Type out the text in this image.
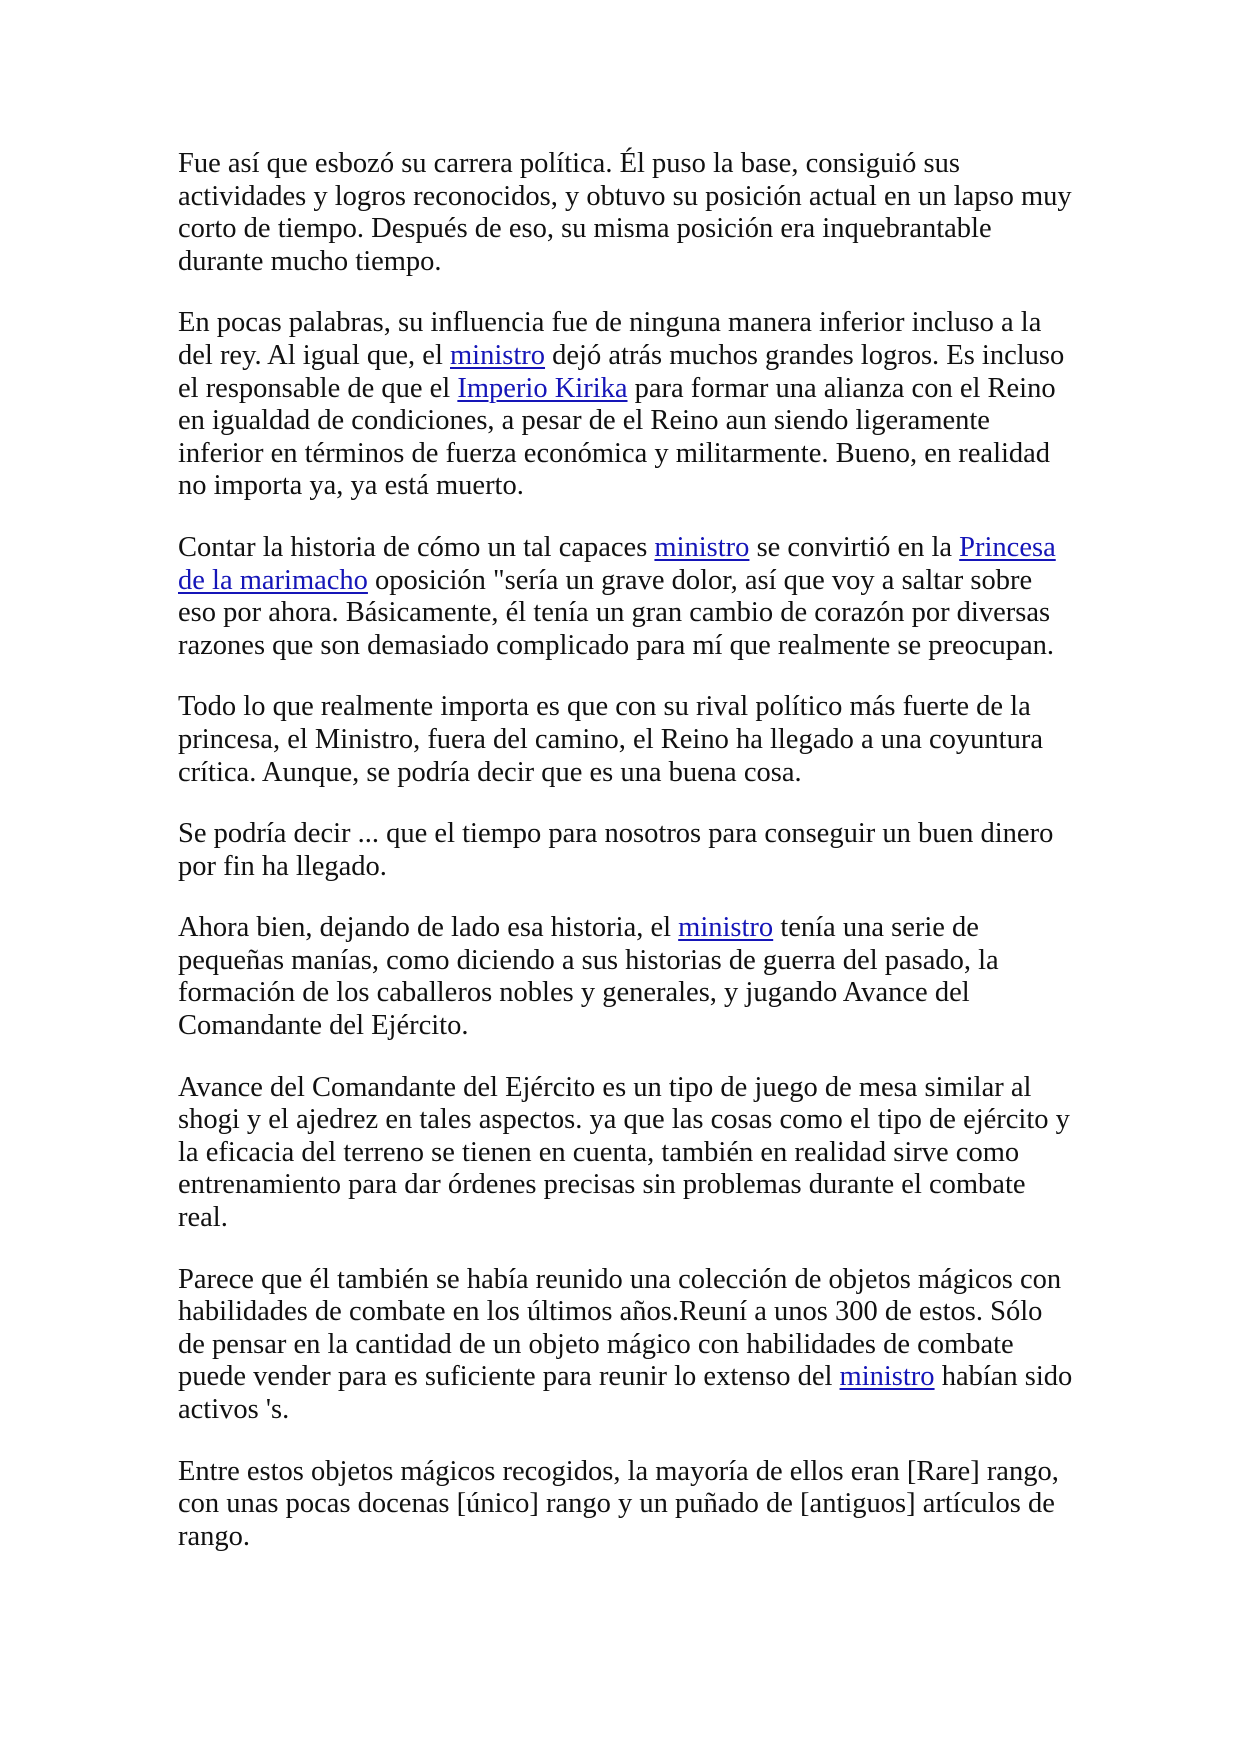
Fue así que esbozó su carrera política. Él puso la base, consiguió sus
actividades y logros reconocidos, y obtuvo su posición actual en un lapso muy
corto de tiempo. Después de eso, su misma posición era inquebrantable
durante mucho tiempo.

En pocas palabras, su influencia fue de ninguna manera inferior incluso a la
del rey. Al igual que, el ministro dejó atrás muchos grandes logros. Es incluso
el responsable de que el Imperio Kirika para formar una alianza con el Reino
en igualdad de condiciones, a pesar de el Reino aun siendo ligeramente
inferior en términos de fuerza económica y militarmente. Bueno, en realidad
no importa ya, ya está muerto.

Contar la historia de cómo un tal capaces ministro se convirtió en la Princesa
de la marimacho oposición "sería un grave dolor, así que voy a saltar sobre
eso por ahora. Básicamente, él tenía un gran cambio de corazón por diversas
razones que son demasiado complicado para mí que realmente se preocupan.

Todo lo que realmente importa es que con su rival político más fuerte de la
princesa, el Ministro, fuera del camino, el Reino ha llegado a una coyuntura
crítica. Aunque, se podría decir que es una buena cosa.

Se podría decir ... que el tiempo para nosotros para conseguir un buen dinero
por fin ha llegado.

Ahora bien, dejando de lado esa historia, el ministro tenía una serie de
pequeñas manías, como diciendo a sus historias de guerra del pasado, la
formación de los caballeros nobles y generales, y jugando Avance del
Comandante del Ejército.

Avance del Comandante del Ejército es un tipo de juego de mesa similar al
shogi y el ajedrez en tales aspectos. ya que las cosas como el tipo de ejército y
la eficacia del terreno se tienen en cuenta, también en realidad sirve como
entrenamiento para dar órdenes precisas sin problemas durante el combate
real.

Parece que él también se había reunido una colección de objetos mágicos con
habilidades de combate en los últimos años.Reuní a unos 300 de estos. Sólo
de pensar en la cantidad de un objeto mágico con habilidades de combate
puede vender para es suficiente para reunir lo extenso del ministro habían sido
activos 's.

Entre estos objetos mágicos recogidos, la mayoría de ellos eran [Rare] rango,
con unas pocas docenas [único] rango y un puñado de [antiguos] artículos de
rango.
